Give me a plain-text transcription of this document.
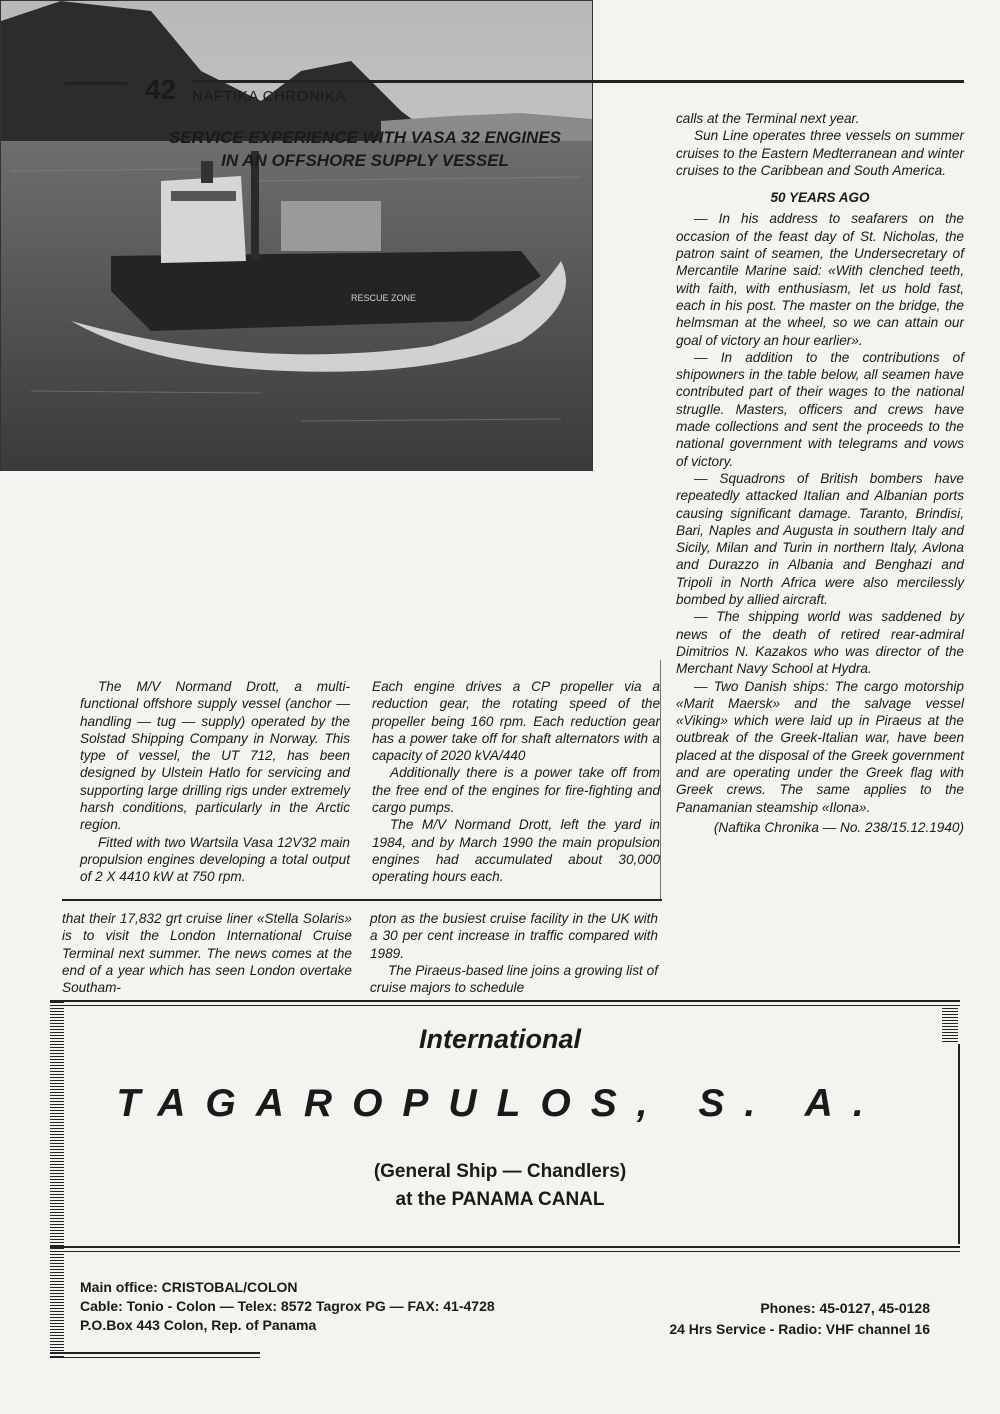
42 NAFTIKA CHRONIKA
SERVICE EXPERIENCE WITH VASA 32 ENGINES
IN AN OFFSHORE SUPPLY VESSEL
RESCUE ZONE

The M/V Normand Drott, a multi-functional offshore supply vessel (anchor — handling — tug — supply) operated by the Solstad Shipping Company in Norway. This type of vessel, the UT 712, has been designed by Ulstein Hatlo for servicing and supporting large drilling rigs under extremely harsh conditions, particularly in the Arctic region.

Fitted with two Wartsila Vasa 12V32 main propulsion engines developing a total output of 2 X 4410 kW at 750 rpm.

Each engine drives a CP propeller via a reduction gear, the rotating speed of the propeller being 160 rpm. Each reduction gear has a power take off for shaft alternators with a capacity of 2020 kVA/440

Additionally there is a power take off from the free end of the engines for fire-fighting and cargo pumps.

The M/V Normand Drott, left the yard in 1984, and by March 1990 the main propulsion engines had accumulated about 30,000 operating hours each.

that their 17,832 grt cruise liner «Stella Solaris» is to visit the London International Cruise Terminal next summer. The news comes at the end of a year which has seen London overtake Southam-

pton as the busiest cruise facility in the UK with a 30 per cent increase in traffic compared with 1989.

The Piraeus-based line joins a growing list of cruise majors to schedule

calls at the Terminal next year.

Sun Line operates three vessels on summer cruises to the Eastern Medterranean and winter cruises to the Caribbean and South America.

50 YEARS AGO

— In his address to seafarers on the occasion of the feast day of St. Nicholas, the patron saint of seamen, the Undersecretary of Mercantile Marine said: «With clenched teeth, with faith, with enthusiasm, let us hold fast, each in his post. The master on the bridge, the helmsman at the wheel, so we can attain our goal of victory an hour earlier».

— In addition to the contributions of shipowners in the table below, all seamen have contributed part of their wages to the national strugIle. Masters, officers and crews have made collections and sent the proceeds to the national government with telegrams and vows of victory.

— Squadrons of British bombers have repeatedly attacked Italian and Albanian ports causing significant damage. Taranto, Brindisi, Bari, Naples and Augusta in southern Italy and Sicily, Milan and Turin in northern Italy, Avlona and Durazzo in Albania and Benghazi and Tripoli in North Africa were also mercilessly bombed by allied aircraft.

— The shipping world was saddened by news of the death of retired rear-admiral Dimitrios N. Kazakos who was director of the Merchant Navy School at Hydra.

— Two Danish ships: The cargo motorship «Marit Maersk» and the salvage vessel «Viking» which were laid up in Piraeus at the outbreak of the Greek-Italian war, have been placed at the disposal of the Greek government and are operating under the Greek flag with Greek crews. The same applies to the Panamanian steamship «Ilona».

(Naftika Chronika — No. 238/15.12.1940)

International
TAGAROPULOS, S. A.
(General Ship — Chandlers)
at the PANAMA CANAL
Main office: CRISTOBAL/COLON
Cable: Tonio - Colon — Telex: 8572 Tagrox PG — FAX: 41-4728
P.O.Box 443 Colon, Rep. of Panama
Phones: 45-0127, 45-0128
24 Hrs Service - Radio: VHF channel 16
